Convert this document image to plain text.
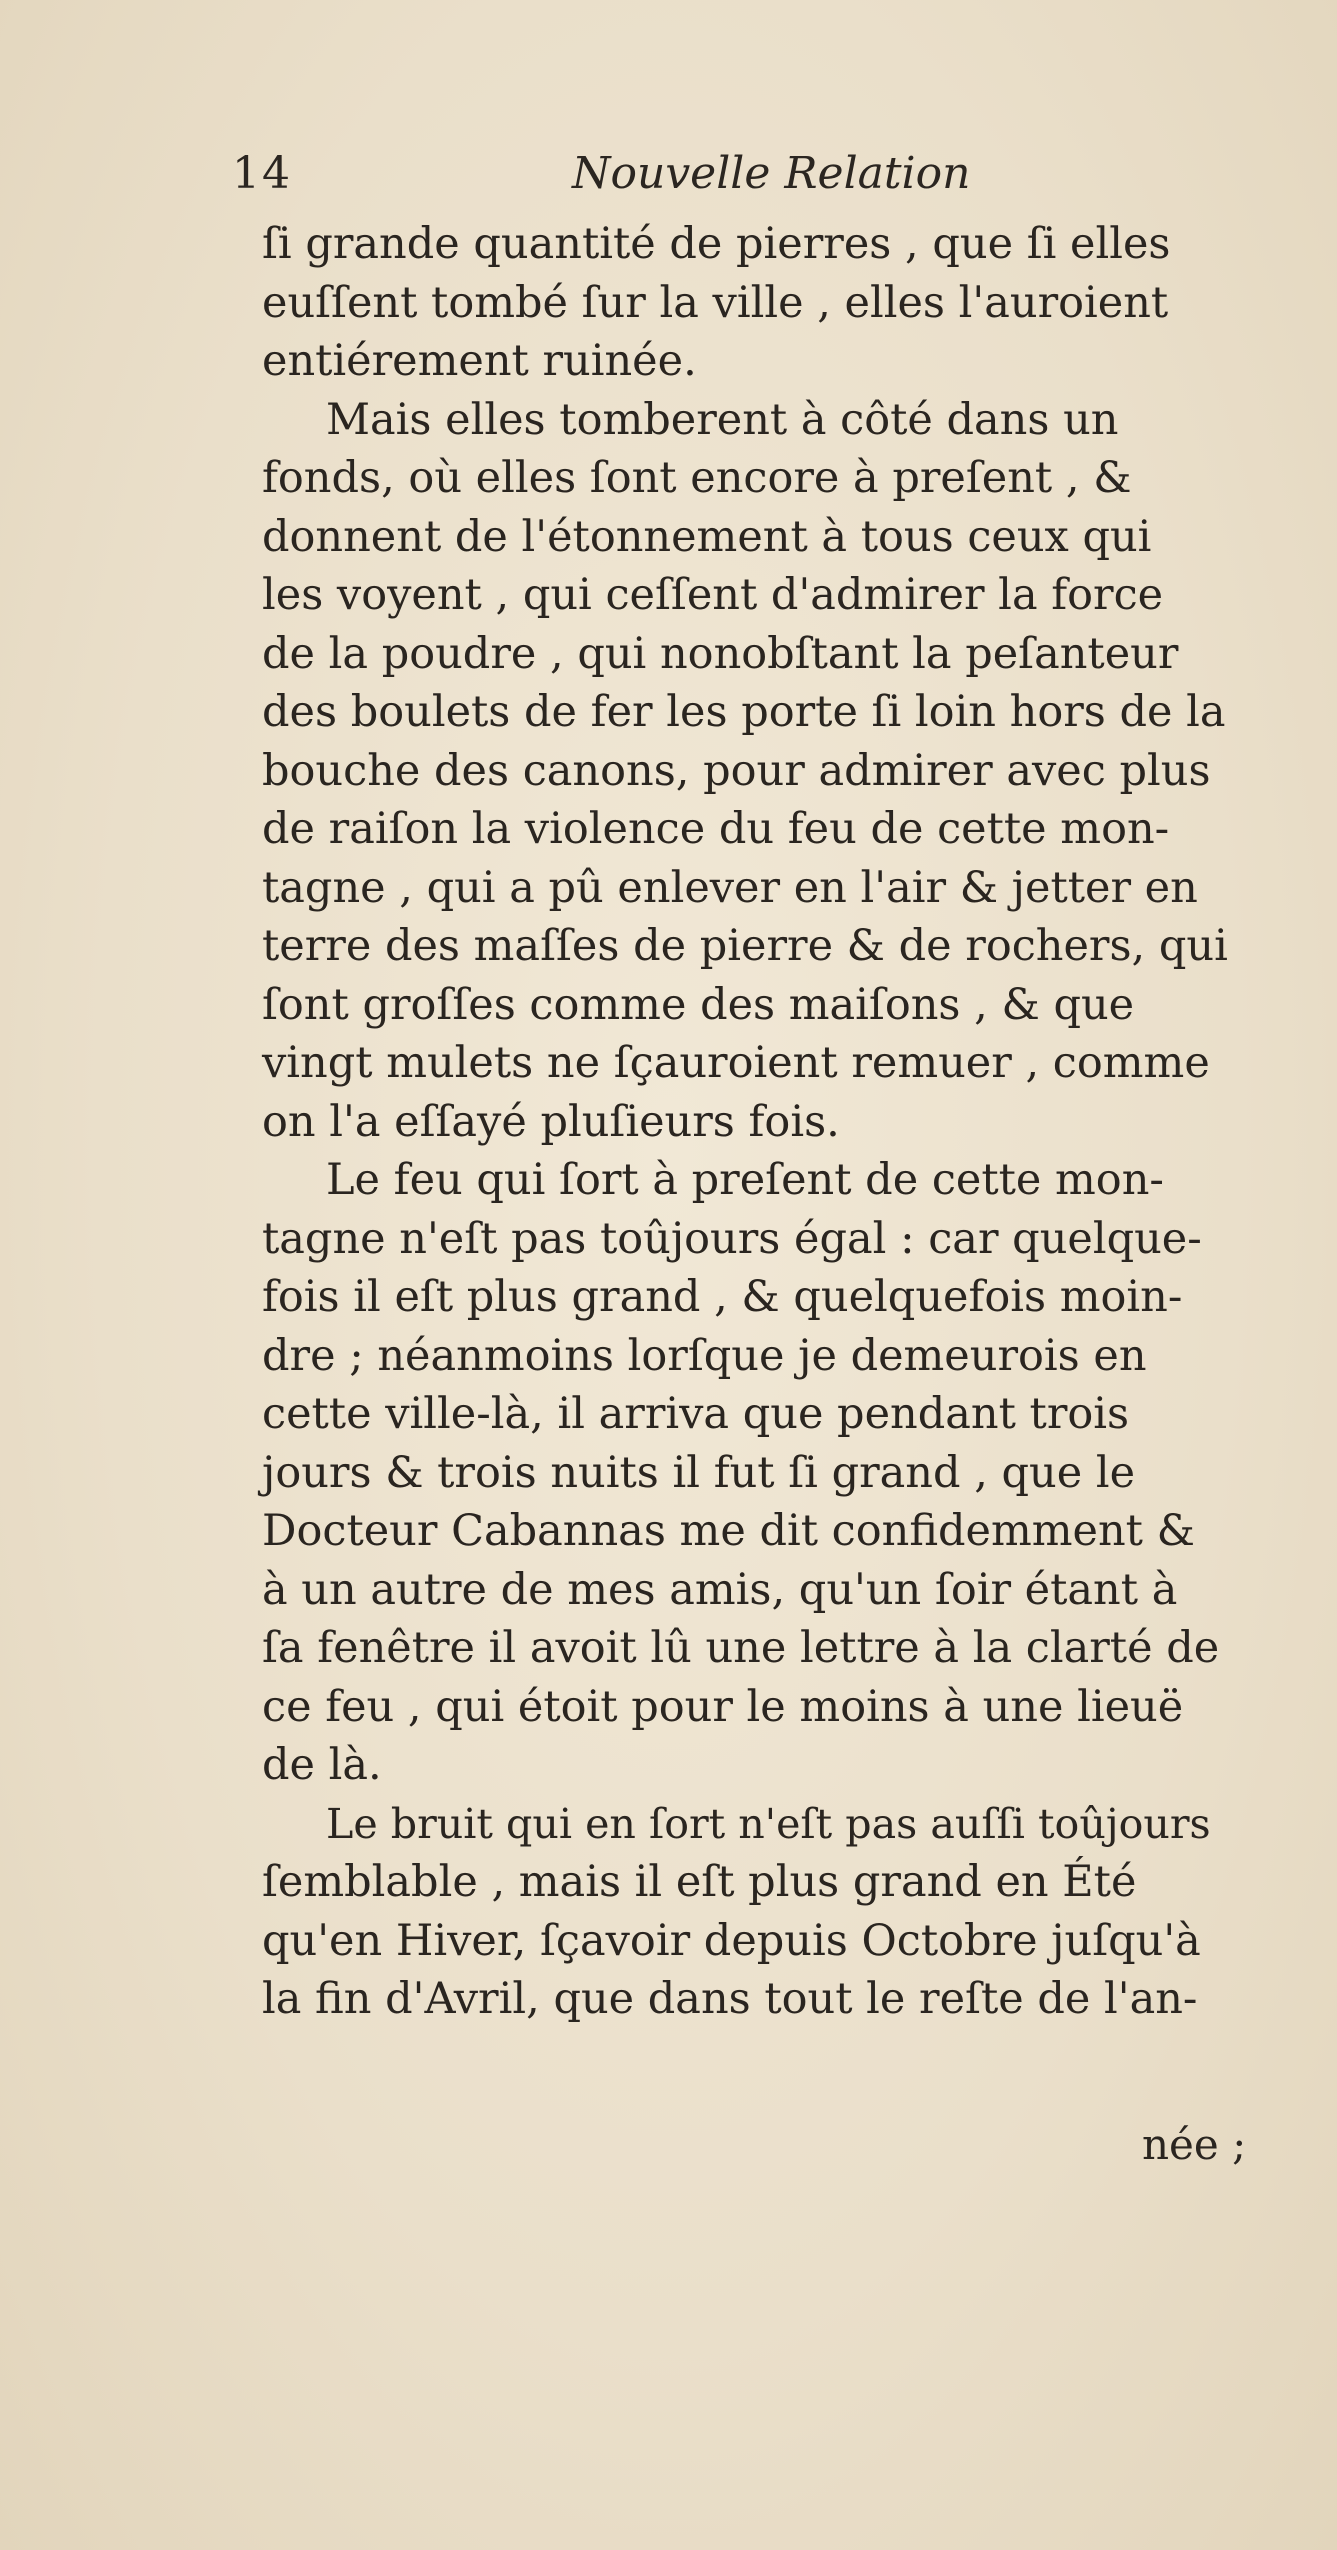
14	Nouvelle Relation
ſi grande quantité de pierres , que ſi elles
euſſent tombé ſur la ville , elles l'auroient
entiérement ruinée.
Mais elles tomberent à côté dans un
fonds, où elles ſont encore à preſent , &
donnent de l'étonnement à tous ceux qui
les voyent , qui ceſſent d'admirer la force
de la poudre , qui nonobſtant la peſanteur
des boulets de fer les porte ſi loin hors de la
bouche des canons, pour admirer avec plus
de raiſon la violence du feu de cette mon-
tagne , qui a pû enlever en l'air & jetter en
terre des maſſes de pierre & de rochers, qui
ſont groſſes comme des maiſons , & que
vingt mulets ne ſçauroient remuer , comme
on l'a eſſayé pluſieurs fois.
Le feu qui ſort à preſent de cette mon-
tagne n'eſt pas toûjours égal : car quelque-
fois il eſt plus grand , & quelquefois moin-
dre ; néanmoins lorſque je demeurois en
cette ville-là, il arriva que pendant trois
jours & trois nuits il fut ſi grand , que le
Docteur Cabannas me dit confidemment &
à un autre de mes amis, qu'un ſoir étant à
ſa fenêtre il avoit lû une lettre à la clarté de
ce feu , qui étoit pour le moins à une lieuë
de là.
Le bruit qui en ſort n'eſt pas auſſi toûjours
ſemblable , mais il eſt plus grand en Été
qu'en Hiver, ſçavoir depuis Octobre juſqu'à
la fin d'Avril, que dans tout le reſte de l'an-
née ;
